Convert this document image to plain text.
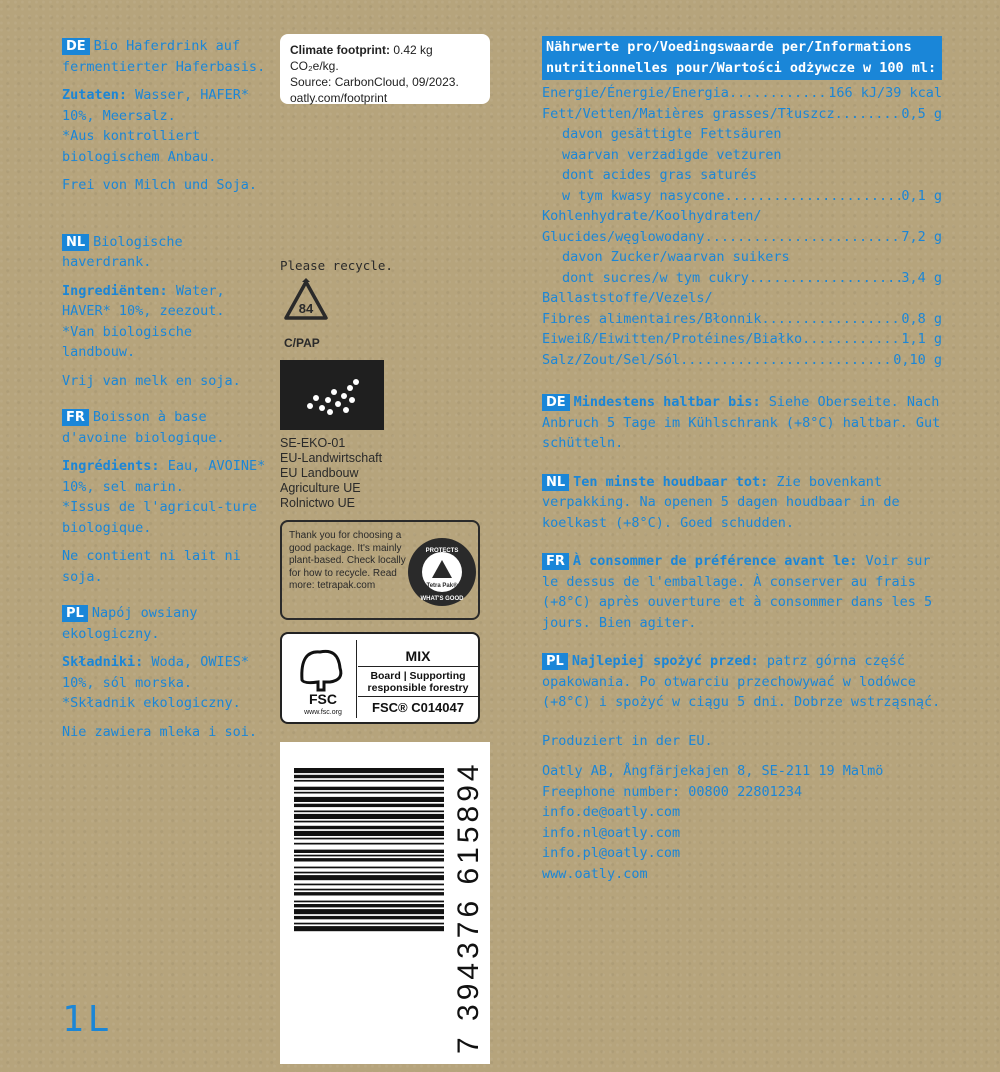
DE Bio Haferdrink auf fermentierter Haferbasis.

Zutaten: Wasser, HAFER* 10%, Meersalz.

*Aus kontrolliert biologischem Anbau.

Frei von Milch und Soja.

NL Biologische haverdrank.

Ingrediënten: Water, HAVER* 10%, zeezout.

*Van biologische landbouw.

Vrij van melk en soja.

FR Boisson à base d'avoine biologique.

Ingrédients: Eau, AVOINE* 10%, sel marin.

*Issus de l'agricul-ture biologique.

Ne contient ni lait ni soja.

PL Napój owsiany ekologiczny.

Składniki: Woda, OWIES* 10%, sól morska.

*Składnik ekologiczny.

Nie zawiera mleka i soi.

1L
Climate footprint: 0.42 kg CO₂e/kg.
Source: CarbonCloud, 09/2023.
oatly.com/footprint
Please recycle.
84
C/PAP
SE-EKO-01
EU-Landwirtschaft
EU Landbouw
Agriculture UE
Rolnictwo UE
Thank you for choosing a good package. It's mainly plant-based. Check locally for how to recycle. Read more: tetrapak.com
PROTECTS
Tetra Pak®
WHAT'S GOOD
FSC
www.fsc.org
MIX
Board | Supporting responsible forestry
FSC® C014047
7 394376 615894
Nährwerte pro/Voedingswaarde per/Informations nutritionnelles pour/Wartości odżywcze w 100 ml:
Energie/Énergie/Energia .....	166 kJ/39 kcal
Fett/Vetten/Matières grasses/Tłuszcz .....	0,5 g
davon gesättigte Fettsäuren
waarvan verzadigde vetzuren
dont acides gras saturés
w tym kwasy nasycone .....	0,1 g
Kohlenhydrate/Koolhydraten/
Glucides/węglowodany .....	7,2 g
davon Zucker/waarvan suikers
dont sucres/w tym cukry .....	3,4 g
Ballaststoffe/Vezels/
Fibres alimentaires/Błonnik .....	0,8 g
Eiweiß/Eiwitten/Protéines/Białko .....	1,1 g
Salz/Zout/Sel/Sól .....	0,10 g

DE Mindestens haltbar bis: Siehe Oberseite. Nach Anbruch 5 Tage im Kühlschrank (+8°C) haltbar. Gut schütteln.

NL Ten minste houdbaar tot: Zie bovenkant verpakking. Na openen 5 dagen houdbaar in de koelkast (+8°C). Goed schudden.

FR À consommer de préférence avant le: Voir sur le dessus de l'emballage. À conserver au frais (+8°C) après ouverture et à consommer dans les 5 jours. Bien agiter.

PL Najlepiej spożyć przed: patrz górna część opakowania. Po otwarciu przechowywać w lodówce (+8°C) i spożyć w ciągu 5 dni. Dobrze wstrząsnąć.

Produziert in der EU.
Oatly AB, Ångfärjekajen 8, SE-211 19 Malmö
Freephone number: 00800 22801234
info.de@oatly.com
info.nl@oatly.com
info.pl@oatly.com
www.oatly.com
